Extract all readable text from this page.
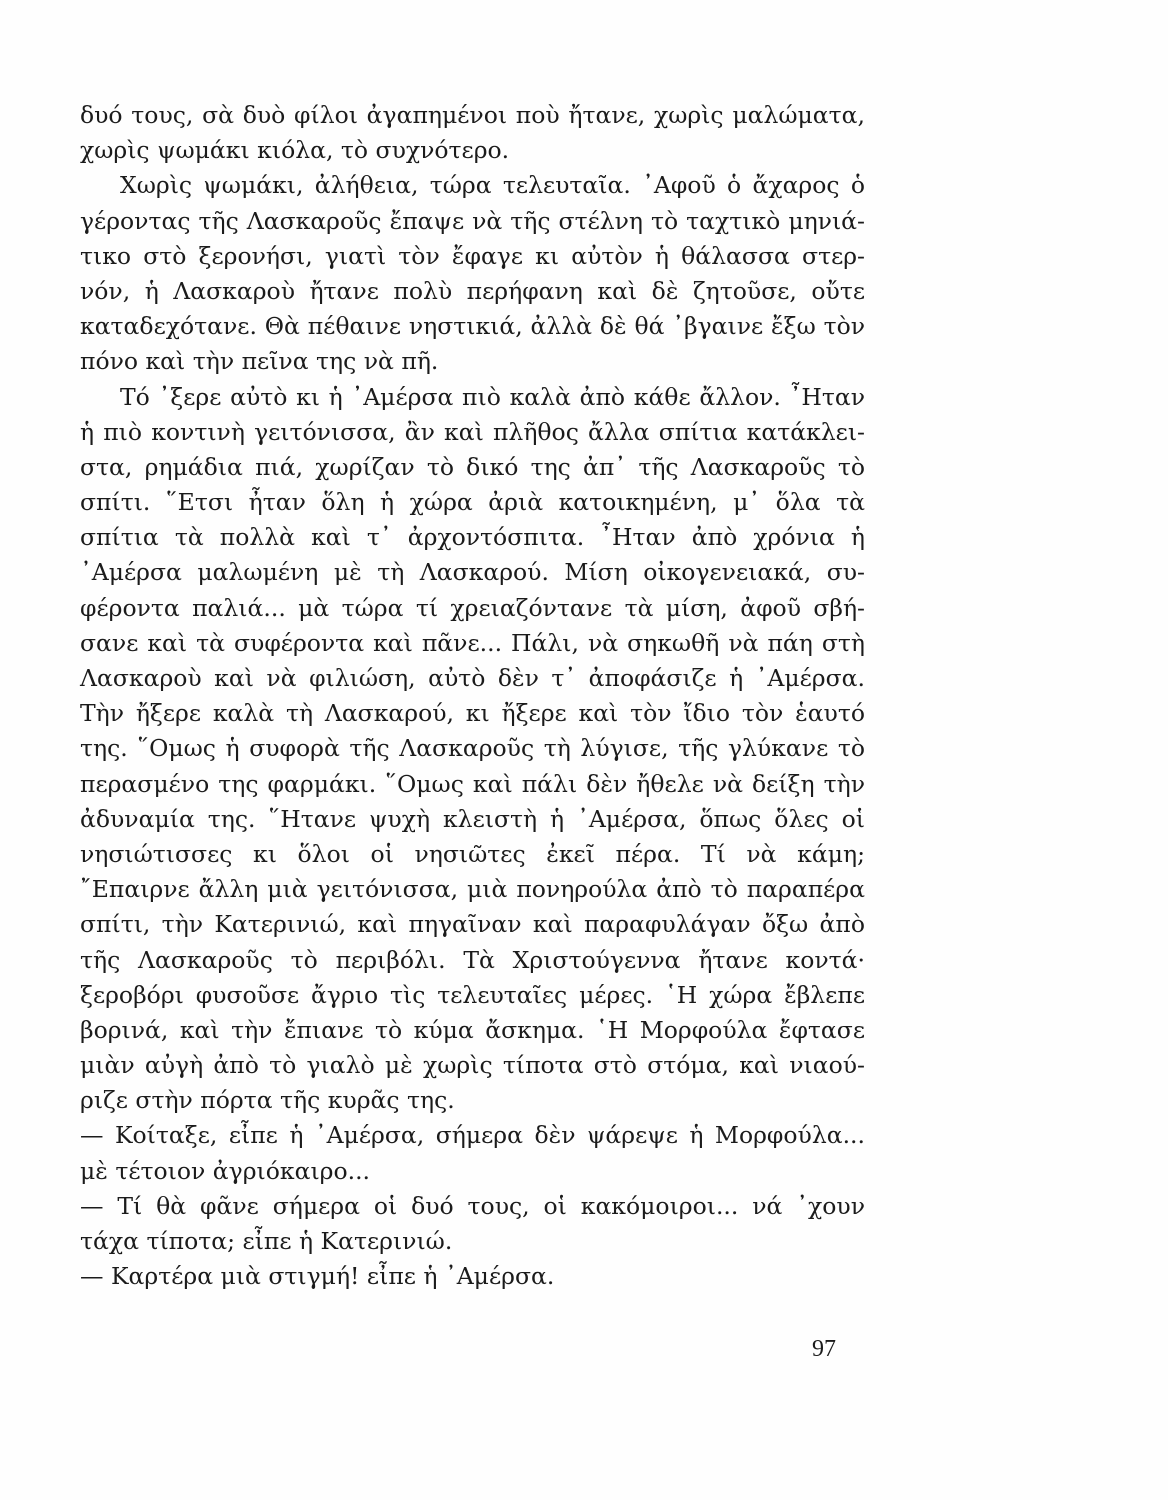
δυό τους, σὰ δυὸ φίλοι ἀγαπημένοι ποὺ ἤτανε, χωρὶς μαλώματα,
χωρὶς ψωμάκι κιόλα, τὸ συχνότερο.
Χωρὶς ψωμάκι, ἀλήθεια, τώρα τελευταῖα. ᾿Αφοῦ ὁ ἄχαρος ὁ
γέροντας τῆς Λασκαροῦς ἔπαψε νὰ τῆς στέλνη τὸ ταχτικὸ μηνιά-
τικο στὸ ξερονήσι, γιατὶ τὸν ἔφαγε κι αὐτὸν ἡ θάλασσα στερ-
νόν, ἡ Λασκαροὺ ἤτανε πολὺ περήφανη καὶ δὲ ζητοῦσε, οὔτε
καταδεχότανε. Θὰ πέθαινε νηστικιά, ἀλλὰ δὲ θά ᾿βγαινε ἔξω τὸν
πόνο καὶ τὴν πεῖνα της νὰ πῆ.
Τό ᾿ξερε αὐτὸ κι ἡ ᾿Αμέρσα πιὸ καλὰ ἀπὸ κάθε ἄλλον. ῏Ηταν
ἡ πιὸ κοντινὴ γειτόνισσα, ἂν καὶ πλῆθος ἄλλα σπίτια κατάκλει-
στα, ρημάδια πιά, χωρίζαν τὸ δικό της ἀπ᾿ τῆς Λασκαροῦς τὸ
σπίτι. ῞Ετσι ἦταν ὅλη ἡ χώρα ἀριὰ κατοικημένη, μ᾿ ὅλα τὰ
σπίτια τὰ πολλὰ καὶ τ᾿ ἀρχοντόσπιτα. ῏Ηταν ἀπὸ χρόνια ἡ
᾿Αμέρσα μαλωμένη μὲ τὴ Λασκαρού. Μίση οἰκογενειακά, συ-
φέροντα παλιά... μὰ τώρα τί χρειαζόντανε τὰ μίση, ἀφοῦ σβή-
σανε καὶ τὰ συφέροντα καὶ πᾶνε... Πάλι, νὰ σηκωθῆ νὰ πάη στὴ
Λασκαροὺ καὶ νὰ φιλιώση, αὐτὸ δὲν τ᾿ ἀποφάσιζε ἡ ᾿Αμέρσα.
Τὴν ἤξερε καλὰ τὴ Λασκαρού, κι ἤξερε καὶ τὸν ἴδιο τὸν ἑαυτό
της. ῞Ομως ἡ συφορὰ τῆς Λασκαροῦς τὴ λύγισε, τῆς γλύκανε τὸ
περασμένο της φαρμάκι. ῞Ομως καὶ πάλι δὲν ἤθελε νὰ δείξη τὴν
ἀδυναμία της. ῞Ητανε ψυχὴ κλειστὴ ἡ ᾿Αμέρσα, ὅπως ὅλες οἱ
νησιώτισσες κι ὅλοι οἱ νησιῶτες ἐκεῖ πέρα. Τί νὰ κάμη;
῎Επαιρνε ἄλλη μιὰ γειτόνισσα, μιὰ πονηρούλα ἀπὸ τὸ παραπέρα
σπίτι, τὴν Κατερινιώ, καὶ πηγαῖναν καὶ παραφυλάγαν ὄξω ἀπὸ
τῆς Λασκαροῦς τὸ περιβόλι. Τὰ Χριστούγεννα ἤτανε κοντά·
ξεροβόρι φυσοῦσε ἄγριο τὶς τελευταῖες μέρες. ῾Η χώρα ἔβλεπε
βορινά, καὶ τὴν ἔπιανε τὸ κύμα ἄσκημα. ῾Η Μορφούλα ἔφτασε
μιὰν αὐγὴ ἀπὸ τὸ γιαλὸ μὲ χωρὶς τίποτα στὸ στόμα, καὶ νιαού-
ριζε στὴν πόρτα τῆς κυρᾶς της.
— Κοίταξε, εἶπε ἡ ᾿Αμέρσα, σήμερα δὲν ψάρεψε ἡ Μορφούλα...
μὲ τέτοιον ἀγριόκαιρο...
— Τί θὰ φᾶνε σήμερα οἱ δυό τους, οἱ κακόμοιροι... νά ᾿χουν
τάχα τίποτα; εἶπε ἡ Κατερινιώ.
— Καρτέρα μιὰ στιγμή! εἶπε ἡ ᾿Αμέρσα.
97
